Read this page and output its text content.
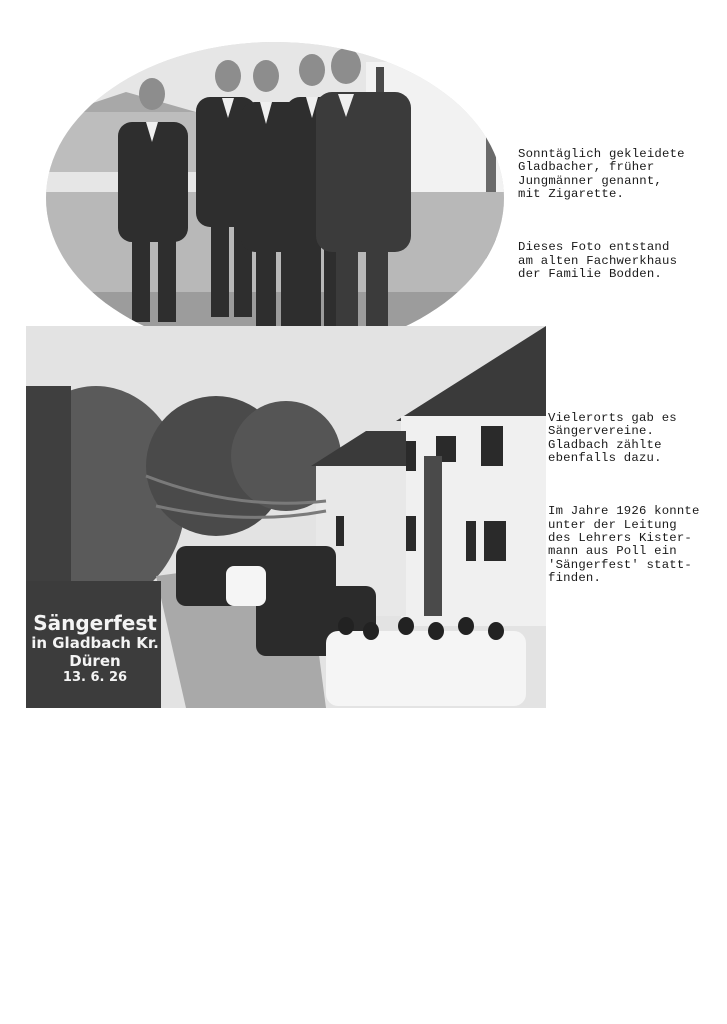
Sonntäglich gekleidete
Gladbacher, früher
Jungmänner genannt,
mit Zigarette.

Dieses Foto entstand
am alten Fachwerkhaus
der Familie Bodden.

Sängerfest
in Gladbach Kr. Düren
13. 6. 26

Vielerorts gab es
Sängervereine.
Gladbach zählte
ebenfalls dazu.

Im Jahre 1926 konnte
unter der Leitung
des Lehrers Kister-
mann aus Poll ein
'Sängerfest' statt-
finden.
